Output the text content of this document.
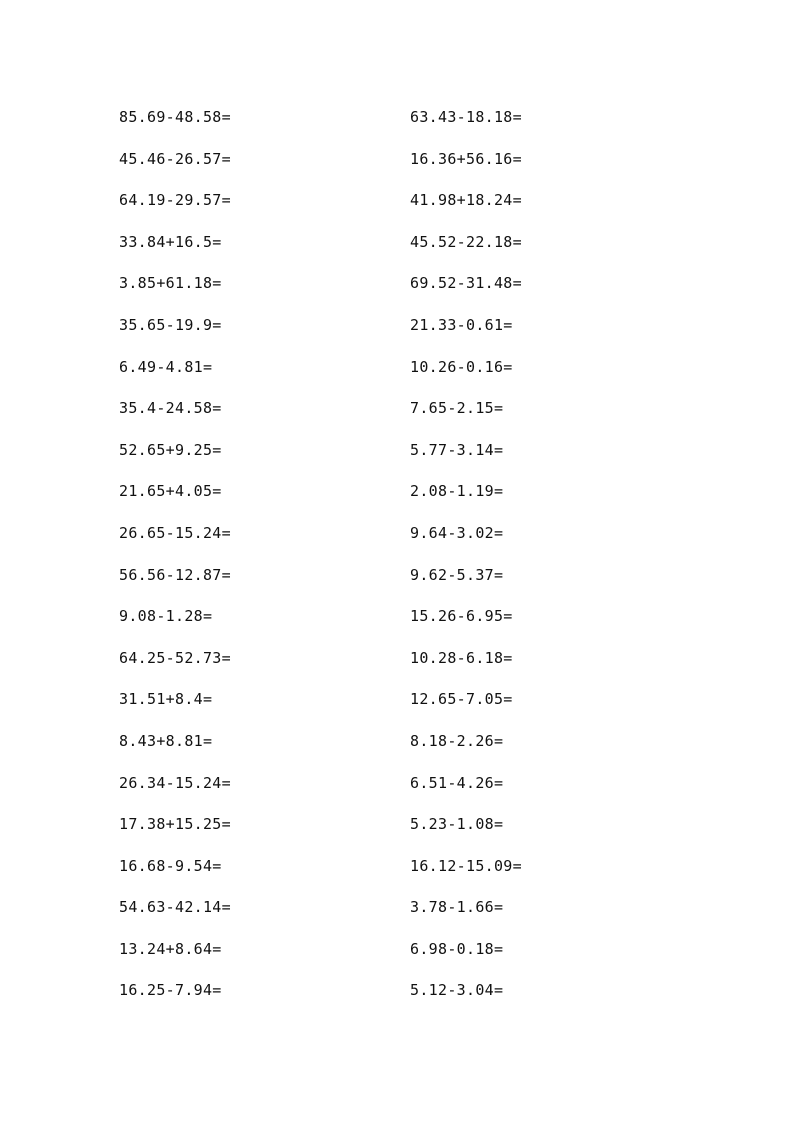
85.69-48.58=
45.46-26.57=
64.19-29.57=
33.84+16.5=
3.85+61.18=
35.65-19.9=
6.49-4.81=
35.4-24.58=
52.65+9.25=
21.65+4.05=
26.65-15.24=
56.56-12.87=
9.08-1.28=
64.25-52.73=
31.51+8.4=
8.43+8.81=
26.34-15.24=
17.38+15.25=
16.68-9.54=
54.63-42.14=
13.24+8.64=
16.25-7.94=
63.43-18.18=
16.36+56.16=
41.98+18.24=
45.52-22.18=
69.52-31.48=
21.33-0.61=
10.26-0.16=
7.65-2.15=
5.77-3.14=
2.08-1.19=
9.64-3.02=
9.62-5.37=
15.26-6.95=
10.28-6.18=
12.65-7.05=
8.18-2.26=
6.51-4.26=
5.23-1.08=
16.12-15.09=
3.78-1.66=
6.98-0.18=
5.12-3.04=
